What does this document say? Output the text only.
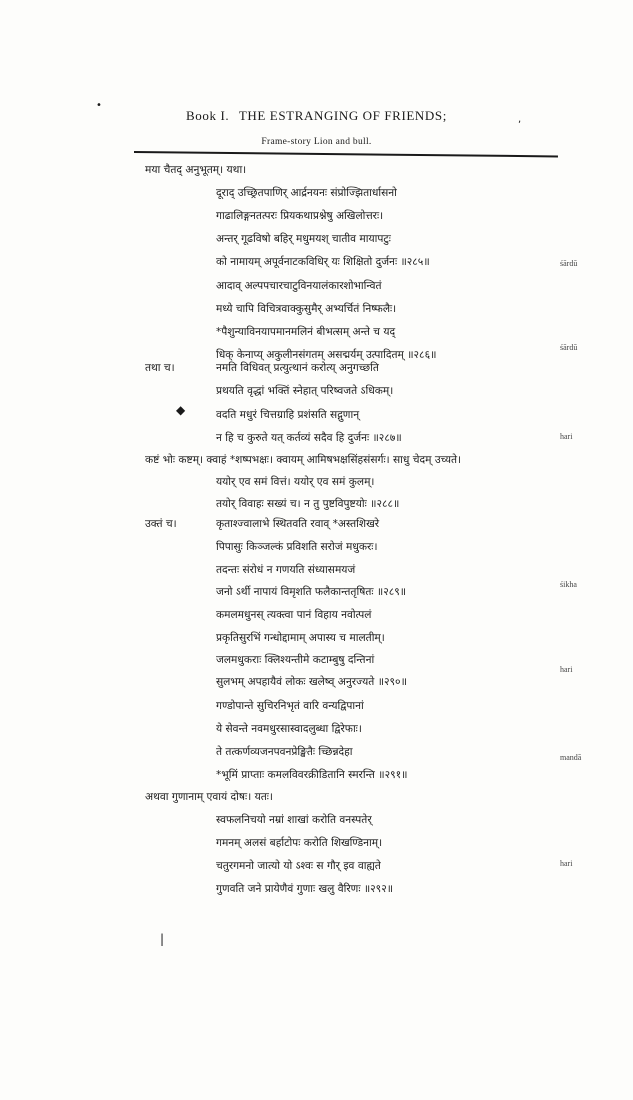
Book I. THE ESTRANGING OF FRIENDS;
Frame-story Lion and bull.
•
,
◆
मया चैतद् अनुभूतम्। यथा।
दूराद् उच्छ्रितपाणिर् आर्द्रनयनः संप्रोज्झितार्धासनो
गाढालिङ्गनतत्परः प्रियकथाप्रश्नेषु अखिलोत्तरः।
अन्तर् गूढविषो बहिर् मधुमयश् चातीव मायापटुः
को नामायम् अपूर्वनाटकविधिर् यः शिक्षितो दुर्जनः ॥२८५॥
आदाव् अल्पपचारचाटुविनयालंकारशोभान्वितं
मध्ये चापि विचित्रवाक्कुसुमैर् अभ्यर्चितं निष्फलैः।
*पैशुन्याविनयापमानमलिनं बीभत्सम् अन्ते च यद्
धिक् केनाप्य् अकुलीनसंगतम् असद्मर्यम् उत्पादितम् ॥२८६॥
तथा च।	नमति विधिवत् प्रत्युत्थानं करोत्य् अनुगच्छति
प्रथयति वृद्धां भक्तिं स्नेहात् परिष्वजते ऽधिकम्।
वदति मधुरं चित्तग्राहि प्रशंसति सद्गुणान्
न हि च कुरुते यत् कर्तव्यं सदैव हि दुर्जनः ॥२८७॥
कष्टं भोः कष्टम्। क्वाहं *शष्पभक्षः। क्वायम् आमिषभक्षसिंहसंसर्गः। साधु चेदम् उच्यते।
ययोर् एव समं वित्तं। ययोर् एव समं कुलम्।
तयोर् विवाहः सख्यं च। न तु पुष्टविपुष्टयोः ॥२८८॥
उक्तं च।	कृताश्ज्वालाभे स्थितवति रवाव् *अस्तशिखरे
पिपासुः किञ्जल्कं प्रविशति सरोजं मधुकरः।
तदन्तः संरोधं न गणयति संध्यासमयजं
जनो ऽर्थी नापायं विमृशति फलैकान्ततृषितः ॥२८९॥
कमलमधुनस् त्यक्त्वा पानं विहाय नवोत्पलं
प्रकृतिसुरभिं गन्धोद्दामाम् अपास्य च मालतीम्।
जलमधुकराः क्लिश्यन्तीमे कटाम्बुषु दन्तिनां
सुलभम् अपहायैवं लोकः खलेष्व् अनुरज्यते ॥२९०॥
गण्डोपान्ते सुचिरनिभृतं वारि वन्यद्विपानां
ये सेवन्ते नवमधुरसास्वादलुब्धा द्विरेफाः।
ते तत्कर्णव्यजनपवनप्रेङ्खितैः च्छिन्नदेहा
*भूमिं प्राप्ताः कमलविवरक्रीडितानि स्मरन्ति ॥२९१॥
अथवा गुणानाम् एवायं दोषः। यतः।
स्वफलनिचयो नम्रां शाखां करोति वनस्पतेर्
गमनम् अलसं बर्हाटोपः करोति शिखण्डिनाम्।
चतुरगमनो जात्यो यो ऽश्वः स गौर् इव वाह्यते
गुणवति जने प्रायेणैवं गुणाः खलु वैरिणः ॥२९२॥
śārdū
śārdū
hari
śikha
hari
mandā
hari
|
